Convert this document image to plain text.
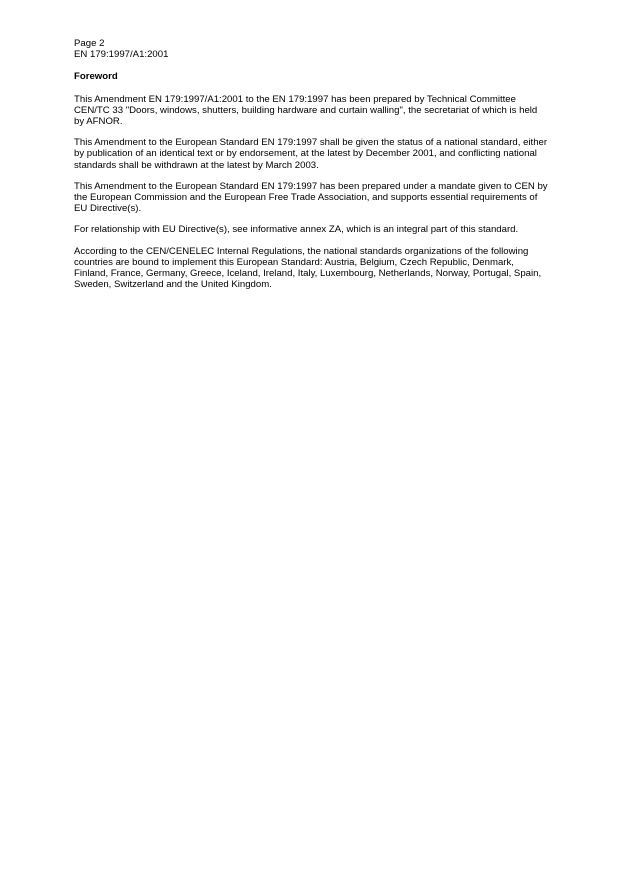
Page 2

EN 179:1997/A1:2001

Foreword

This Amendment EN 179:1997/A1:2001 to the EN 179:1997 has been prepared by Technical Committee CEN/TC 33 "Doors, windows, shutters, building hardware and curtain walling", the secretariat of which is held by AFNOR.

This Amendment to the European Standard EN 179:1997 shall be given the status of a national standard, either by publication of an identical text or by endorsement, at the latest by December 2001, and conflicting national standards shall be withdrawn at the latest by March 2003.

This Amendment to the European Standard EN 179:1997 has been prepared under a mandate given to CEN by the European Commission and the European Free Trade Association, and supports essential requirements of EU Directive(s).

For relationship with EU Directive(s), see informative annex ZA, which is an integral part of this standard.

According to the CEN/CENELEC Internal Regulations, the national standards organizations of the following countries are bound to implement this European Standard: Austria, Belgium, Czech Republic, Denmark, Finland, France, Germany, Greece, Iceland, Ireland, Italy, Luxembourg, Netherlands, Norway, Portugal, Spain, Sweden, Switzerland and the United Kingdom.
